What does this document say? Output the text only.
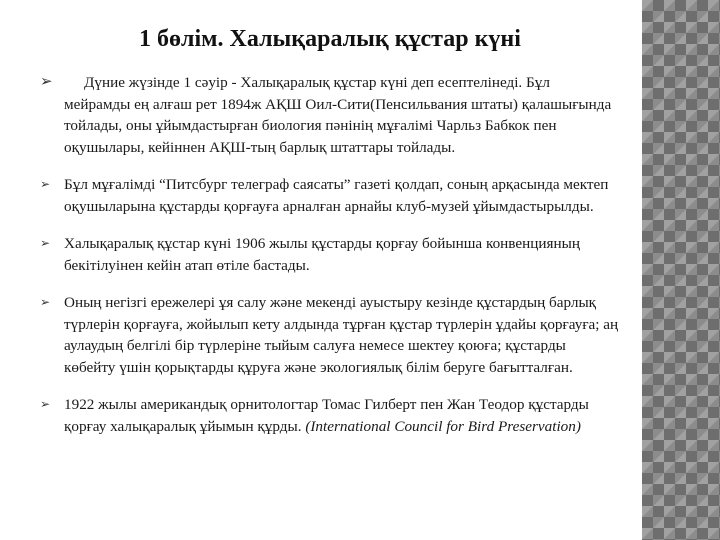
1 бөлім. Халықаралық құстар күні
➢ Дүние жүзінде 1 сәуір - Халықаралық құстар күні деп есептелінеді. Бұл мейрамды ең алғаш рет 1894ж АҚШ Оил-Сити(Пенсильвания штаты) қалашығында тойлады, оны ұйымдастырған биология пәнінің мұғалімі Чарльз Бабкок пен оқушылары, кейіннен АҚШ-тың барлық штаттары тойлады.
➢ Бұл мұғалімді “Питсбург телеграф саясаты” газеті қолдап, соның арқасында мектеп оқушыларына құстарды қорғауға арналған арнайы клуб-музей ұйымдастырылды.
➢ Халықаралық құстар күні 1906 жылы құстарды қорғау бойынша конвенцияның бекітілуінен кейін атап өтіле бастады.
➢ Оның негізгі ережелері ұя салу және мекенді ауыстыру кезінде құстардың барлық түрлерін қорғауға, жойылып кету алдында тұрған құстар түрлерін ұдайы қорғауға; аң аулаудың белгілі бір түрлеріне тыйым салуға немесе шектеу қоюға; құстарды көбейту үшін қорықтарды құруға және экологиялық білім беруге бағытталған.
➢ 1922 жылы американдық орнитологтар Томас Гилберт пен Жан Теодор құстарды қорғау халықаралық ұйымын құрды. (International Council for Bird Preservation)
